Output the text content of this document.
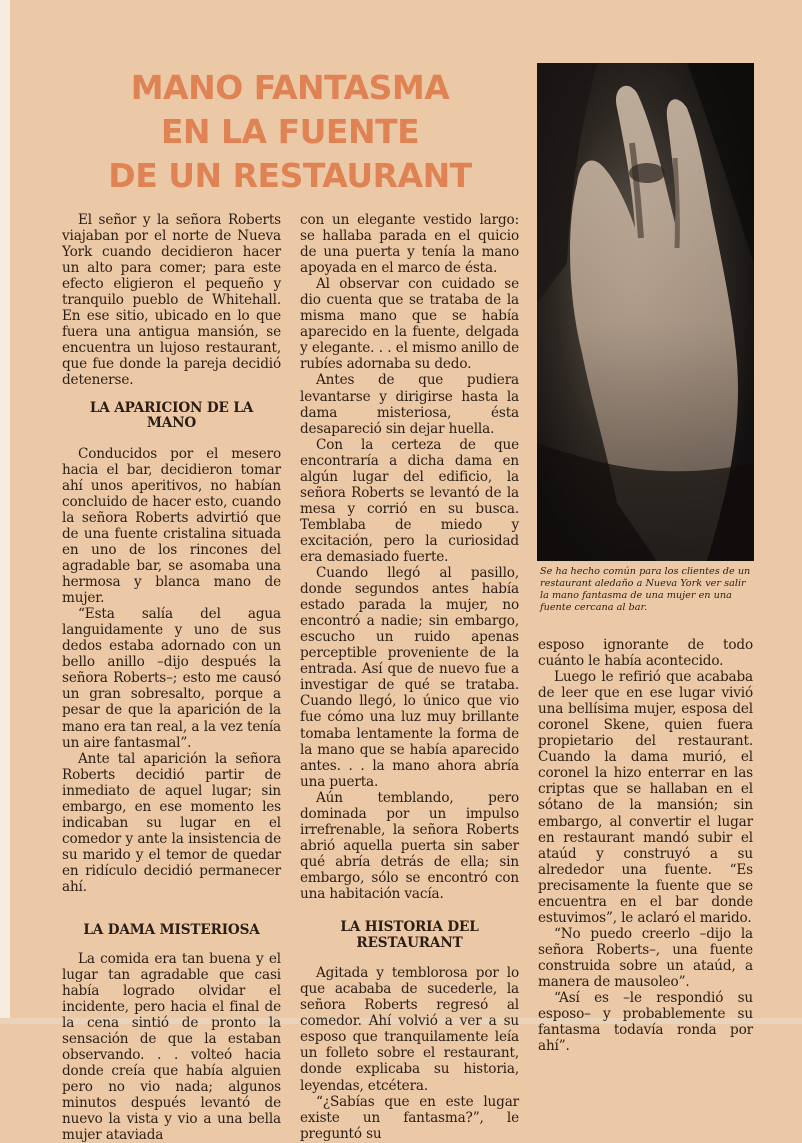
MANO FANTASMA
EN LA FUENTE
DE UN RESTAURANT

El señor y la señora Roberts viajaban por el norte de Nueva York cuando decidieron hacer un alto para comer; para este efecto eligieron el pequeño y tranquilo pueblo de Whitehall. En ese sitio, ubicado en lo que fuera una antigua mansión, se encuentra un lujoso restaurant, que fue donde la pareja decidió detenerse.

LA APARICION DE LA MANO

Conducidos por el mesero hacia el bar, decidieron tomar ahí unos aperitivos, no habían concluido de hacer esto, cuando la señora Roberts advirtió que de una fuente cristalina situada en uno de los rincones del agradable bar, se asomaba una hermosa y blanca mano de mujer.

“Esta salía del agua languidamente y uno de sus dedos estaba adornado con un bello anillo –dijo después la señora Roberts–; esto me causó un gran sobresalto, porque a pesar de que la aparición de la mano era tan real, a la vez tenía un aire fantasmal”.

Ante tal aparición la señora Roberts decidió partir de inmediato de aquel lugar; sin embargo, en ese momento les indicaban su lugar en el comedor y ante la insistencia de su marido y el temor de quedar en ridículo decidió permanecer ahí.

LA DAMA MISTERIOSA

La comida era tan buena y el lugar tan agradable que casi había logrado olvidar el incidente, pero hacia el final de la cena sintió de pronto la sensación de que la estaban observando. . . volteó hacia donde creía que había alguien pero no vio nada; algunos minutos después levantó de nuevo la vista y vio a una bella mujer ataviada

con un elegante vestido largo: se hallaba parada en el quicio de una puerta y tenía la mano apoyada en el marco de ésta.

Al observar con cuidado se dio cuenta que se trataba de la misma mano que se había aparecido en la fuente, delgada y elegante. . . el mismo anillo de rubíes adornaba su dedo.

Antes de que pudiera levantarse y dirigirse hasta la dama misteriosa, ésta desapareció sin dejar huella.

Con la certeza de que encontraría a dicha dama en algún lugar del edificio, la señora Roberts se levantó de la mesa y corrió en su busca. Temblaba de miedo y excitación, pero la curiosidad era demasiado fuerte.

Cuando llegó al pasillo, donde segundos antes había estado parada la mujer, no encontró a nadie; sin embargo, escucho un ruido apenas perceptible proveniente de la entrada. Así que de nuevo fue a investigar de qué se trataba. Cuando llegó, lo único que vio fue cómo una luz muy brillante tomaba lentamente la forma de la mano que se había aparecido antes. . . la mano ahora abría una puerta.

Aún temblando, pero dominada por un impulso irrefrenable, la señora Roberts abrió aquella puerta sin saber qué abría detrás de ella; sin embargo, sólo se encontró con una habitación vacía.

LA HISTORIA DEL RESTAURANT

Agitada y temblorosa por lo que acababa de sucederle, la señora Roberts regresó al comedor. Ahí volvió a ver a su esposo que tranquilamente leía un folleto sobre el restaurant, donde explicaba su historia, leyendas, etcétera.

“¿Sabías que en este lugar existe un fantasma?”, le preguntó su

Se ha hecho común para los clientes de un restaurant aledaño a Nueva York ver salir la mano fantasma de una mujer en una fuente cercana al bar.

esposo ignorante de todo cuánto le había acontecido.

Luego le refirió que acababa de leer que en ese lugar vivió una bellísima mujer, esposa del coronel Skene, quien fuera propietario del restaurant. Cuando la dama murió, el coronel la hizo enterrar en las criptas que se hallaban en el sótano de la mansión; sin embargo, al convertir el lugar en restaurant mandó subir el ataúd y construyó a su alrededor una fuente. “Es precisamente la fuente que se encuentra en el bar donde estuvimos”, le aclaró el marido.

“No puedo creerlo –dijo la señora Roberts–, una fuente construida sobre un ataúd, a manera de mausoleo”.

“Así es –le respondió su esposo– y probablemente su fantasma todavía ronda por ahí”.
